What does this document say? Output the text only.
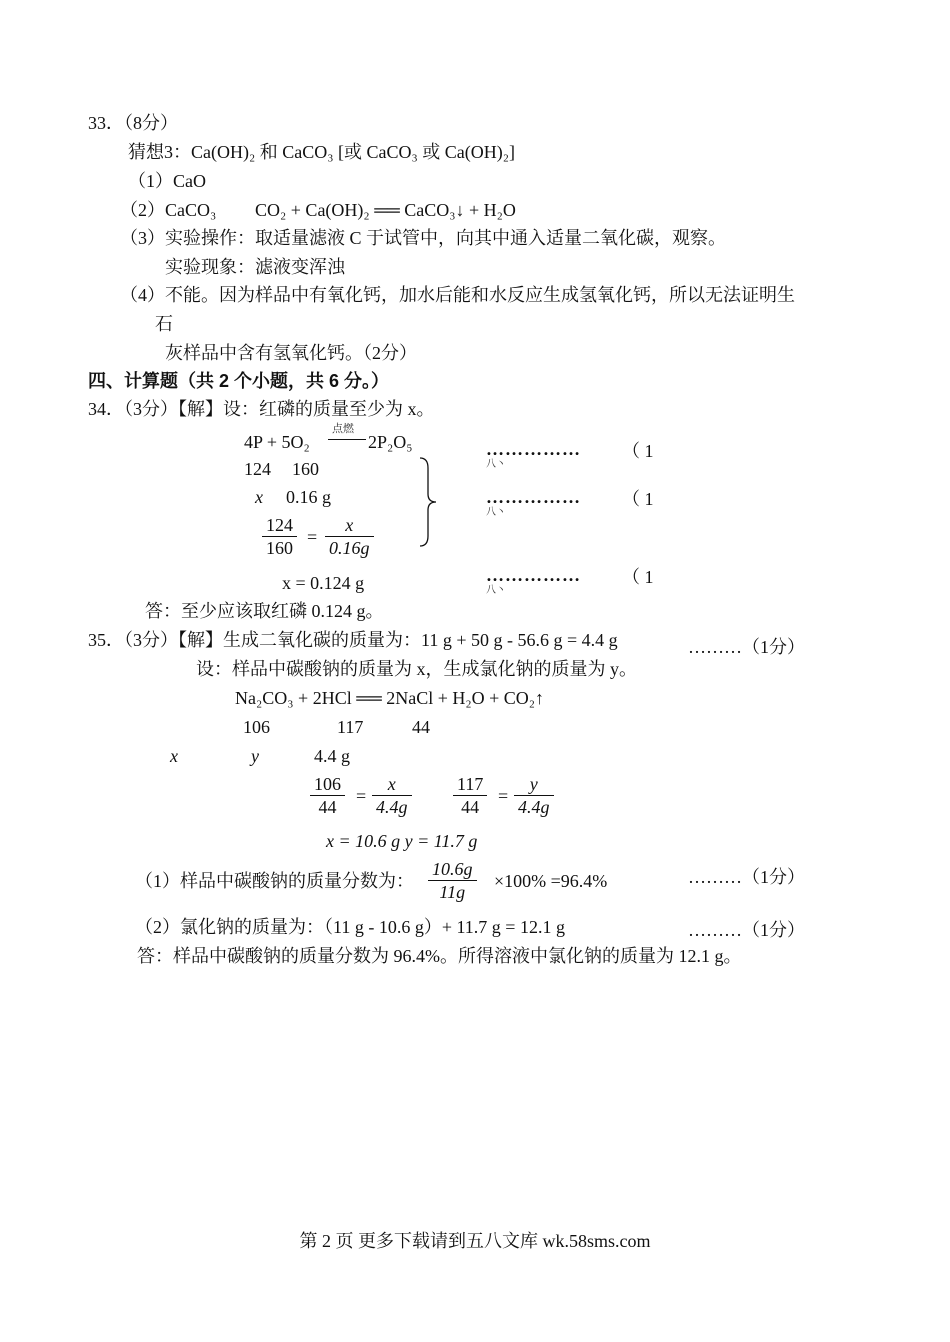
33．（8分）
猜想3：Ca(OH)₂ 和 CaCO₃ [或 CaCO₃ 或 Ca(OH)₂]
（1）CaO
（2）CaCO₃ CO₂ + Ca(OH)₂ ══ CaCO₃↓ + H₂O
（3）实验操作：取适量滤液 C 于试管中，向其中通入适量二氧化碳，观察。
实验现象：滤液变浑浊
（4）不能。因为样品中有氧化钙，加水后能和水反应生成氢氧化钙，所以无法证明生
石
灰样品中含有氢氧化钙。（2分）
四、计算题（共 2 个小题，共 6 分。）
34．（3分）【解】设：红磷的质量至少为 x。
4P + 5O₂
点燃
2P₂O₅
124 160
x 0.16 g
$\frac{124}{160} = \frac{x}{0.16g}$
x = 0.124 g
…………… （ 1
八丶
…………… （ 1
八丶
…………… （ 1
八丶
答：至少应该取红磷 0.124 g。
35．（3分）【解】生成二氧化碳的质量为：11 g + 50 g - 56.6 g = 4.4 g	………（1分）
设：样品中碳酸钠的质量为 x，生成氯化钠的质量为 y。
Na₂CO₃ + 2HCl ══ 2NaCl + H₂O + CO₂↑
106	117	44
x	y	4.4 g
$\frac{106}{44} = \frac{x}{4.4g} \frac{117}{44} = \frac{y}{4.4g}$
x = 10.6 g y = 11.7 g
（1）样品中碳酸钠的质量分数为： $\frac{10.6g}{11g} \times 100\% =96.4\%$	………（1分）
（2）氯化钠的质量为：（11 g - 10.6 g）+ 11.7 g = 12.1 g	………（1分）
答：样品中碳酸钠的质量分数为 96.4%。所得溶液中氯化钠的质量为 12.1 g。
第 2 页 更多下载请到五八文库 wk.58sms.com
